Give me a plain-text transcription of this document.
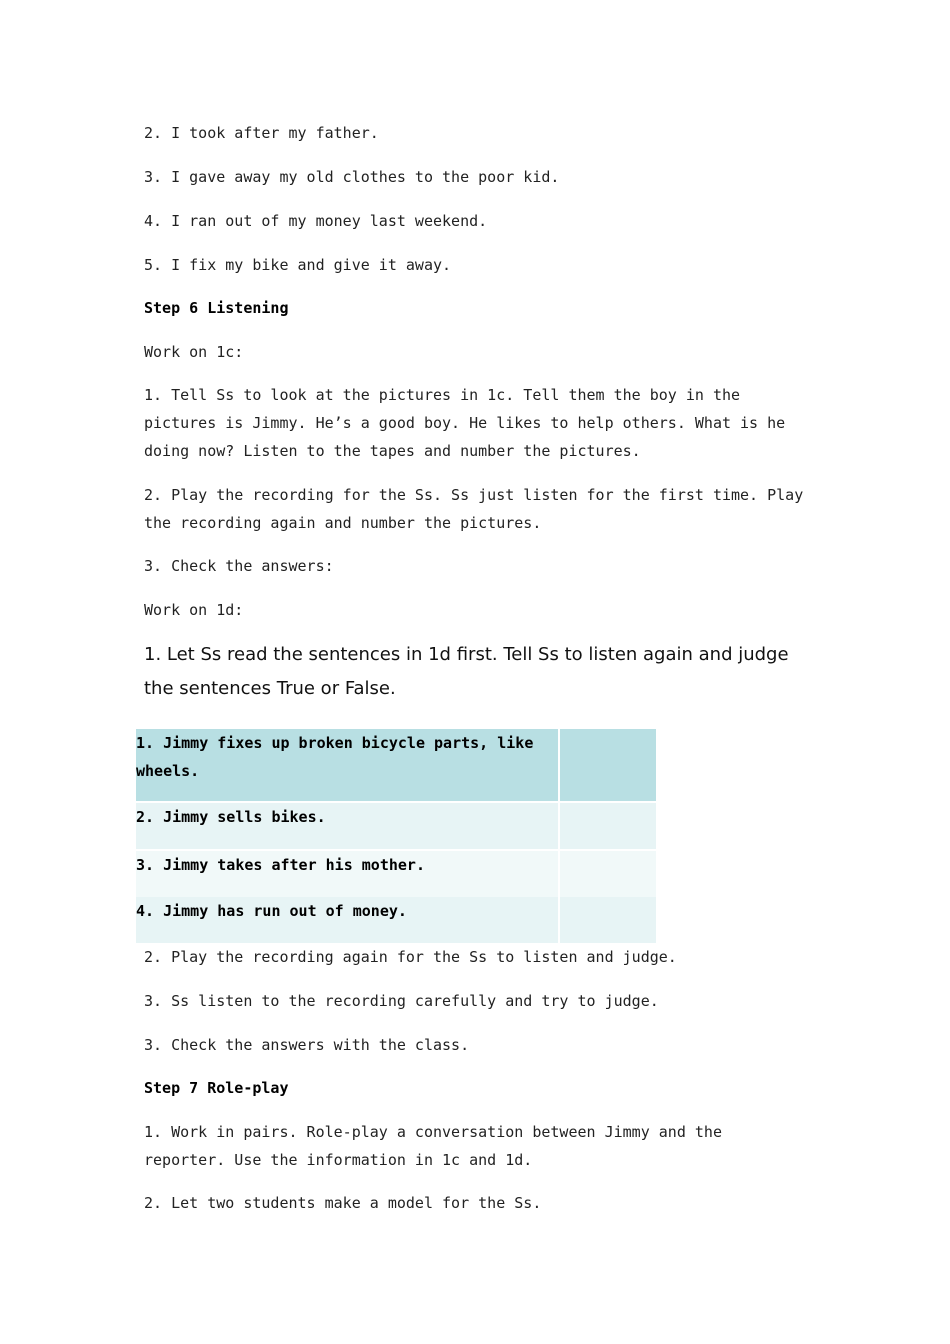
2. I took after my father.

3. I gave away my old clothes to the poor kid.

4. I ran out of my money last weekend.

5. I fix my bike and give it away.

Step 6 Listening

Work on 1c:

1. Tell Ss to look at the pictures in 1c. Tell them the boy in the pictures is Jimmy. He’s a good boy. He likes to help others. What is he doing now? Listen to the tapes and number the pictures.

2. Play the recording for the Ss. Ss just listen for the first time. Play the recording again and number the pictures.

3. Check the answers:

Work on 1d:

1. Let Ss read the sentences in 1d first. Tell Ss to listen again and judge the sentences True or False.

1. Jimmy fixes up broken bicycle parts, like wheels.	
2. Jimmy sells bikes.	
3. Jimmy takes after his mother.	
4. Jimmy has run out of money.	

2. Play the recording again for the Ss to listen and judge.

3. Ss listen to the recording carefully and try to judge.

3. Check the answers with the class.

Step 7 Role-play

1. Work in pairs. Role-play a conversation between Jimmy and the reporter. Use the information in 1c and 1d.

2. Let two students make a model for the Ss.
